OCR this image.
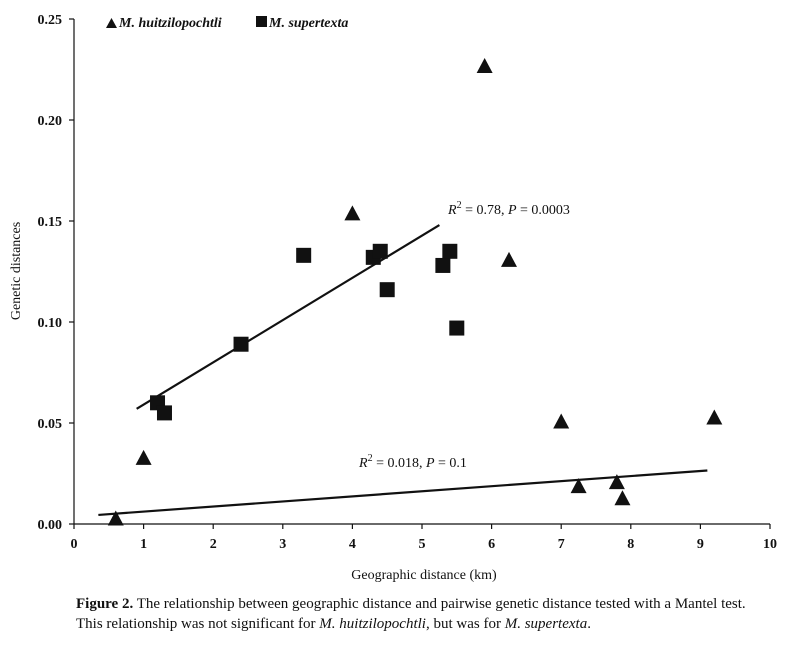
0	1	2	3	4	5	6	7	8	9	10
0.00
0.05
0.10
0.15
0.20
0.25
Geographic distance (km)
Genetic distances
M. huitzilopochtli	M. supertexta
$R^2 = 0.78$, P = 0.0003
$R^2 = 0.018$, P = 0.1
Figure 2. The relationship between geographic distance and pairwise genetic distance tested with a Mantel test. This relationship was not significant for M. huitzilopochtli, but was for M. supertexta.
